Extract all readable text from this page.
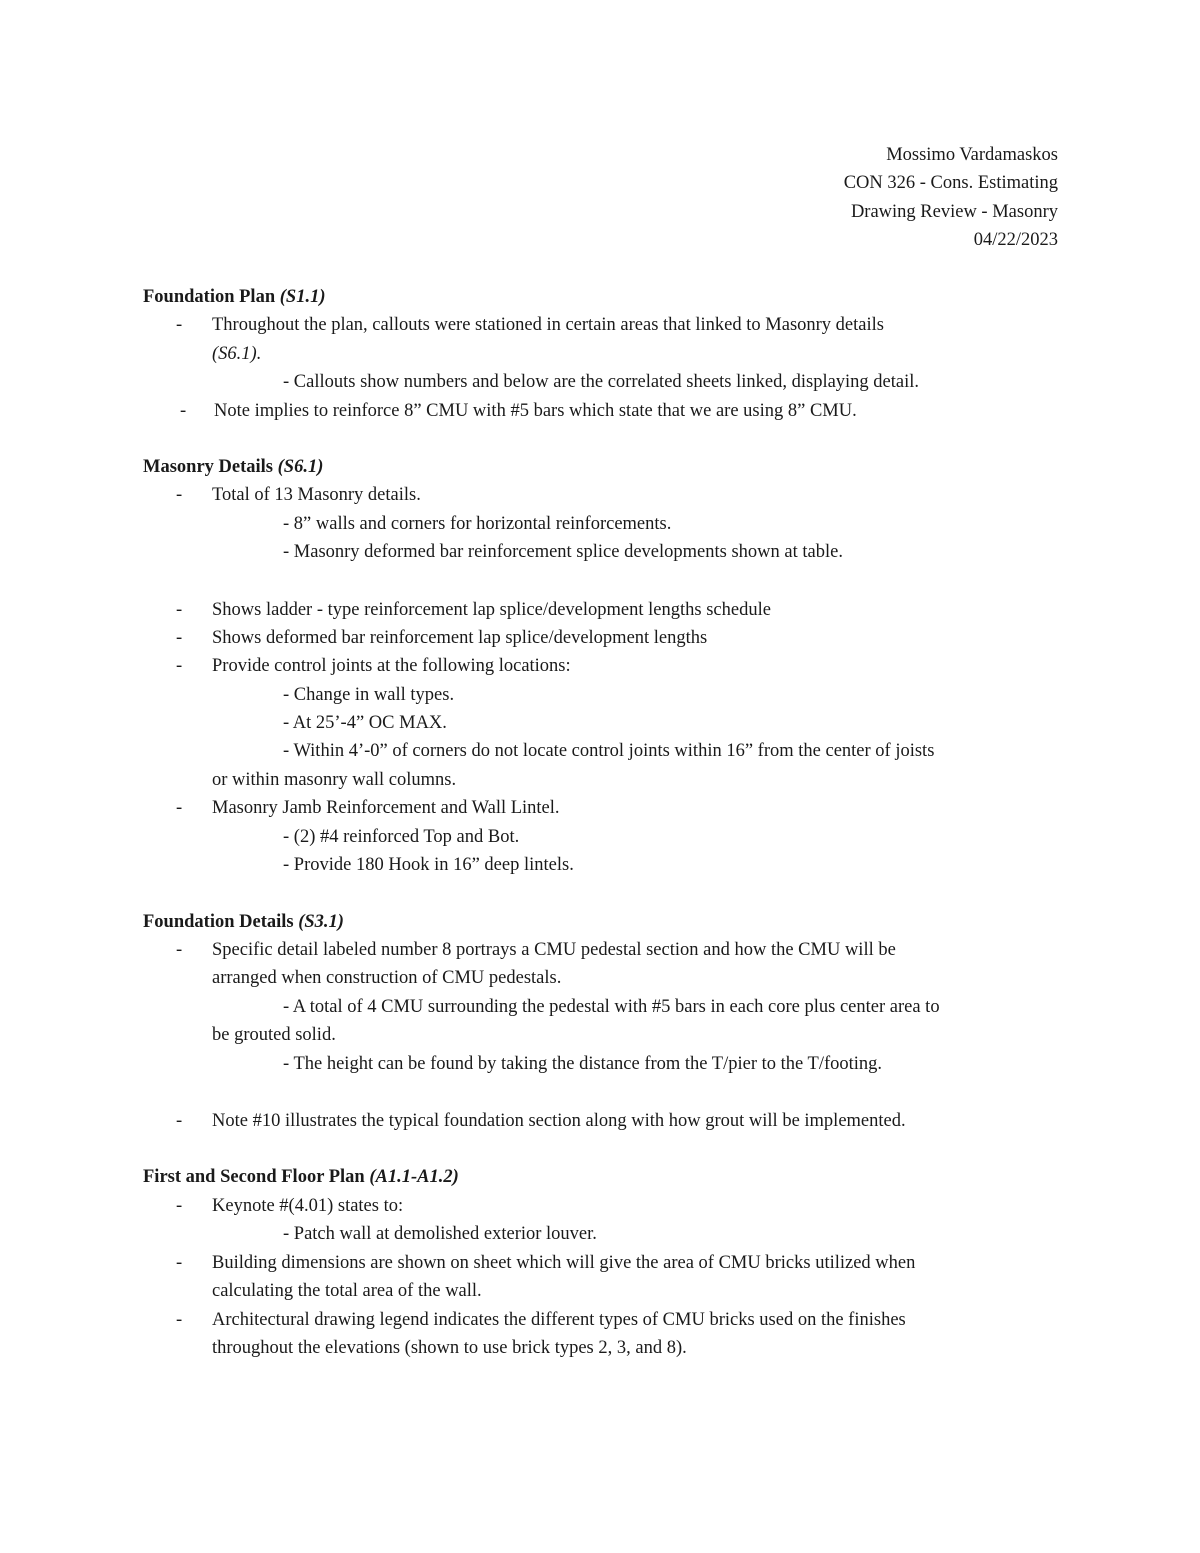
Mossimo Vardamaskos
CON 326 - Cons. Estimating
Drawing Review - Masonry
04/22/2023
Foundation Plan (S1.1)
- Throughout the plan, callouts were stationed in certain areas that linked to Masonry details
(S6.1).
- Callouts show numbers and below are the correlated sheets linked, displaying detail.
- Note implies to reinforce 8” CMU with #5 bars which state that we are using 8” CMU.
Masonry Details (S6.1)
- Total of 13 Masonry details.
- 8” walls and corners for horizontal reinforcements.
- Masonry deformed bar reinforcement splice developments shown at table.
- Shows ladder - type reinforcement lap splice/development lengths schedule
- Shows deformed bar reinforcement lap splice/development lengths
- Provide control joints at the following locations:
- Change in wall types.
- At 25’-4” OC MAX.
- Within 4’-0” of corners do not locate control joints within 16” from the center of joists
or within masonry wall columns.
- Masonry Jamb Reinforcement and Wall Lintel.
- (2) #4 reinforced Top and Bot.
- Provide 180 Hook in 16” deep lintels.
Foundation Details (S3.1)
- Specific detail labeled number 8 portrays a CMU pedestal section and how the CMU will be
arranged when construction of CMU pedestals.
- A total of 4 CMU surrounding the pedestal with #5 bars in each core plus center area to
be grouted solid.
- The height can be found by taking the distance from the T/pier to the T/footing.
- Note #10 illustrates the typical foundation section along with how grout will be implemented.
First and Second Floor Plan (A1.1-A1.2)
- Keynote #(4.01) states to:
- Patch wall at demolished exterior louver.
- Building dimensions are shown on sheet which will give the area of CMU bricks utilized when
calculating the total area of the wall.
- Architectural drawing legend indicates the different types of CMU bricks used on the finishes
throughout the elevations (shown to use brick types 2, 3, and 8).
